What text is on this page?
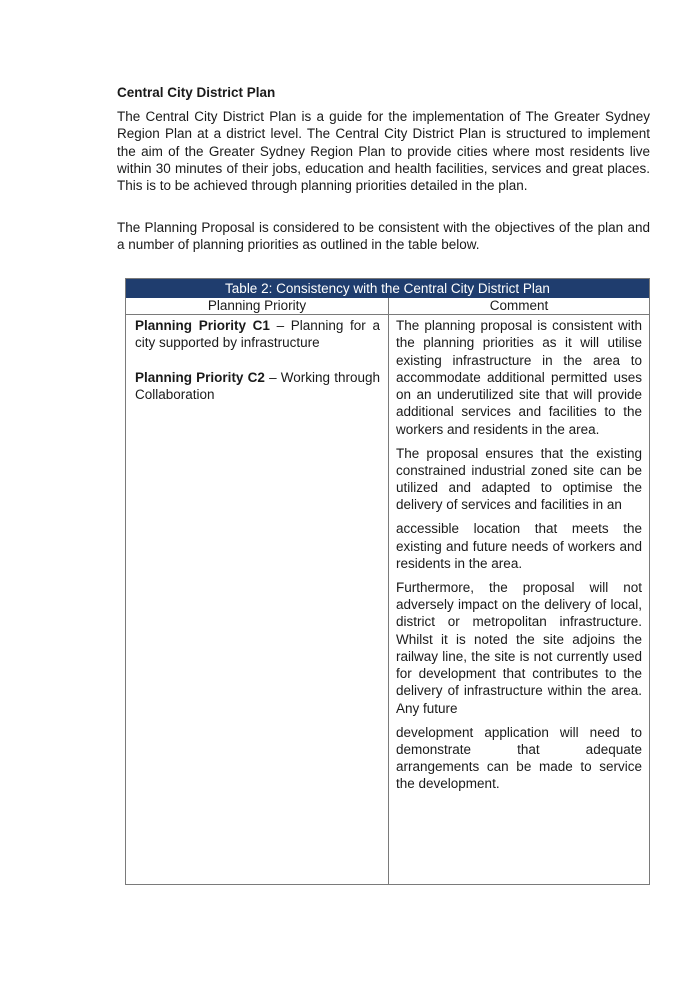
Central City District Plan
The Central City District Plan is a guide for the implementation of The Greater Sydney Region Plan at a district level. The Central City District Plan is structured to implement the aim of the Greater Sydney Region Plan to provide cities where most residents live within 30 minutes of their jobs, education and health facilities, services and great places. This is to be achieved through planning priorities detailed in the plan.
The Planning Proposal is considered to be consistent with the objectives of the plan and a number of planning priorities as outlined in the table below.
Table 2: Consistency with the Central City District Plan
Planning Priority	Comment
Planning Priority C1 – Planning for a city supported by infrastructure
Planning Priority C2 – Working through Collaboration

The planning proposal is consistent with the planning priorities as it will utilise existing infrastructure in the area to accommodate additional permitted uses on an underutilized site that will provide additional services and facilities to the workers and residents in the area.

The proposal ensures that the existing constrained industrial zoned site can be utilized and adapted to optimise the delivery of services and facilities in an

accessible location that meets the existing and future needs of workers and residents in the area.

Furthermore, the proposal will not adversely impact on the delivery of local, district or metropolitan infrastructure. Whilst it is noted the site adjoins the railway line, the site is not currently used for development that contributes to the delivery of infrastructure within the area. Any future

development application will need to demonstrate that adequate arrangements can be made to service the development.
